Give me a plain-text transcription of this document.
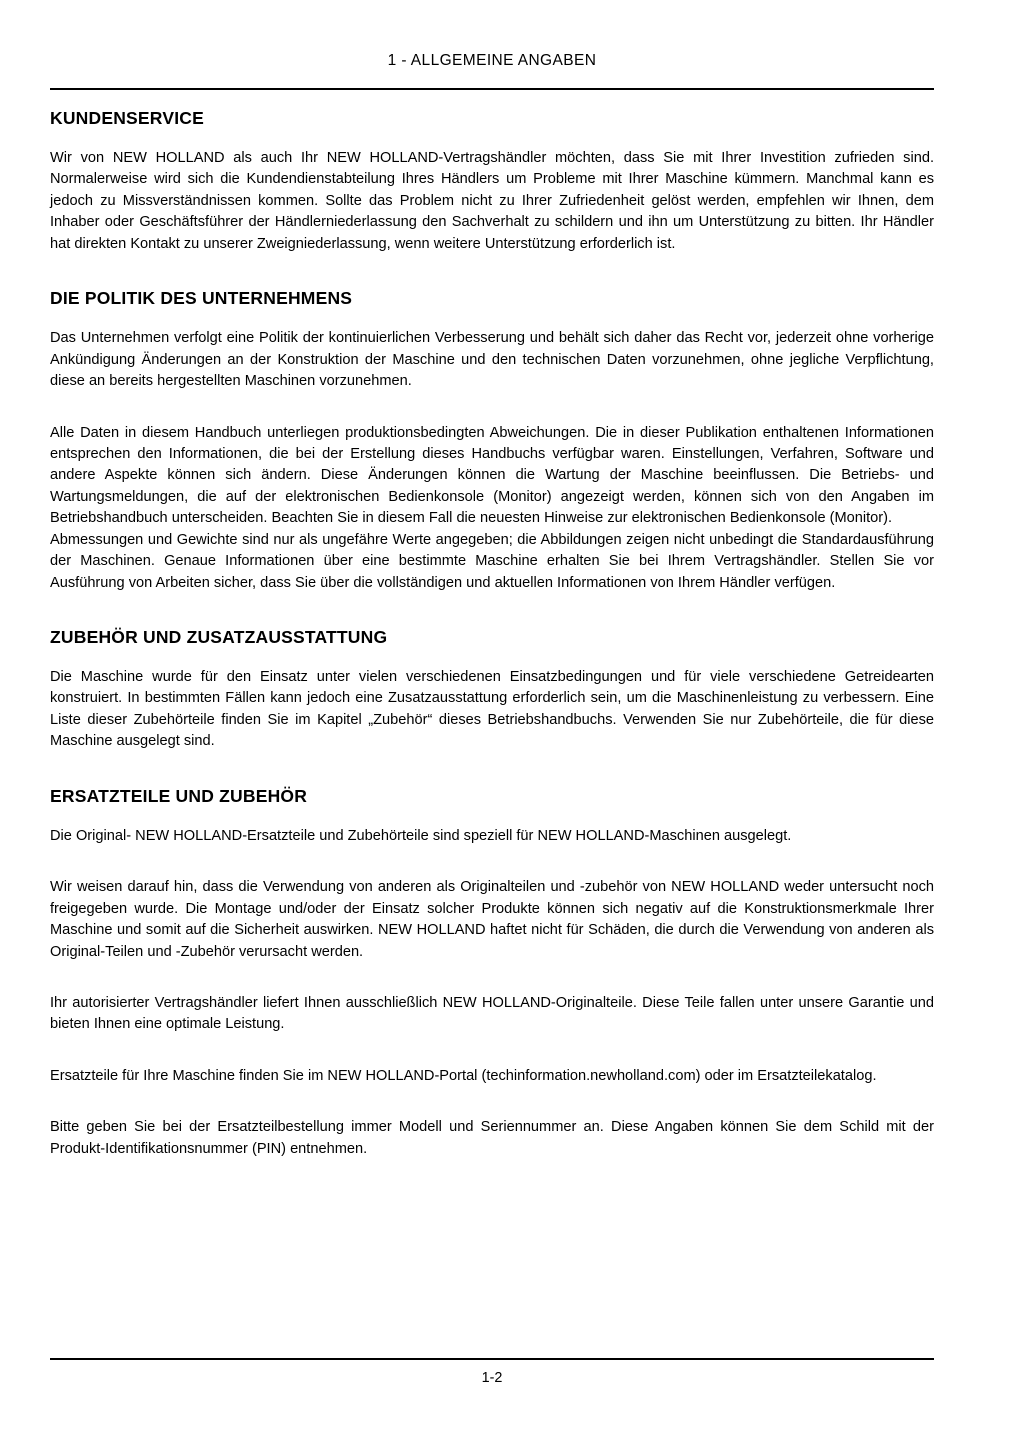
1 - ALLGEMEINE ANGABEN
KUNDENSERVICE

Wir von NEW HOLLAND als auch Ihr NEW HOLLAND-Vertragshändler möchten, dass Sie mit Ihrer Investition zufrieden sind. Normalerweise wird sich die Kundendienstabteilung Ihres Händlers um Probleme mit Ihrer Maschine kümmern. Manchmal kann es jedoch zu Missverständnissen kommen. Sollte das Problem nicht zu Ihrer Zufriedenheit gelöst werden, empfehlen wir Ihnen, dem Inhaber oder Geschäftsführer der Händlerniederlassung den Sachverhalt zu schildern und ihn um Unterstützung zu bitten. Ihr Händler hat direkten Kontakt zu unserer Zweigniederlassung, wenn weitere Unterstützung erforderlich ist.

DIE POLITIK DES UNTERNEHMENS

Das Unternehmen verfolgt eine Politik der kontinuierlichen Verbesserung und behält sich daher das Recht vor, jederzeit ohne vorherige Ankündigung Änderungen an der Konstruktion der Maschine und den technischen Daten vorzunehmen, ohne jegliche Verpflichtung, diese an bereits hergestellten Maschinen vorzunehmen.

Alle Daten in diesem Handbuch unterliegen produktionsbedingten Abweichungen. Die in dieser Publikation enthaltenen Informationen entsprechen den Informationen, die bei der Erstellung dieses Handbuchs verfügbar waren. Einstellungen, Verfahren, Software und andere Aspekte können sich ändern. Diese Änderungen können die Wartung der Maschine beeinflussen. Die Betriebs- und Wartungsmeldungen, die auf der elektronischen Bedienkonsole (Monitor) angezeigt werden, können sich von den Angaben im Betriebshandbuch unterscheiden. Beachten Sie in diesem Fall die neuesten Hinweise zur elektronischen Bedienkonsole (Monitor).

Abmessungen und Gewichte sind nur als ungefähre Werte angegeben; die Abbildungen zeigen nicht unbedingt die Standardausführung der Maschinen. Genaue Informationen über eine bestimmte Maschine erhalten Sie bei Ihrem Vertragshändler. Stellen Sie vor Ausführung von Arbeiten sicher, dass Sie über die vollständigen und aktuellen Informationen von Ihrem Händler verfügen.

ZUBEHÖR UND ZUSATZAUSSTATTUNG

Die Maschine wurde für den Einsatz unter vielen verschiedenen Einsatzbedingungen und für viele verschiedene Getreidearten konstruiert. In bestimmten Fällen kann jedoch eine Zusatzausstattung erforderlich sein, um die Maschinenleistung zu verbessern. Eine Liste dieser Zubehörteile finden Sie im Kapitel „Zubehör“ dieses Betriebshandbuchs. Verwenden Sie nur Zubehörteile, die für diese Maschine ausgelegt sind.

ERSATZTEILE UND ZUBEHÖR

Die Original- NEW HOLLAND-Ersatzteile und Zubehörteile sind speziell für NEW HOLLAND-Maschinen ausgelegt.

Wir weisen darauf hin, dass die Verwendung von anderen als Originalteilen und -zubehör von NEW HOLLAND weder untersucht noch freigegeben wurde. Die Montage und/oder der Einsatz solcher Produkte können sich negativ auf die Konstruktionsmerkmale Ihrer Maschine und somit auf die Sicherheit auswirken. NEW HOLLAND haftet nicht für Schäden, die durch die Verwendung von anderen als Original-Teilen und -Zubehör verursacht werden.

Ihr autorisierter Vertragshändler liefert Ihnen ausschließlich NEW HOLLAND-Originalteile. Diese Teile fallen unter unsere Garantie und bieten Ihnen eine optimale Leistung.

Ersatzteile für Ihre Maschine finden Sie im NEW HOLLAND-Portal (techinformation.newholland.com) oder im Ersatzteilekatalog.

Bitte geben Sie bei der Ersatzteilbestellung immer Modell und Seriennummer an. Diese Angaben können Sie dem Schild mit der Produkt-Identifikationsnummer (PIN) entnehmen.

1-2
